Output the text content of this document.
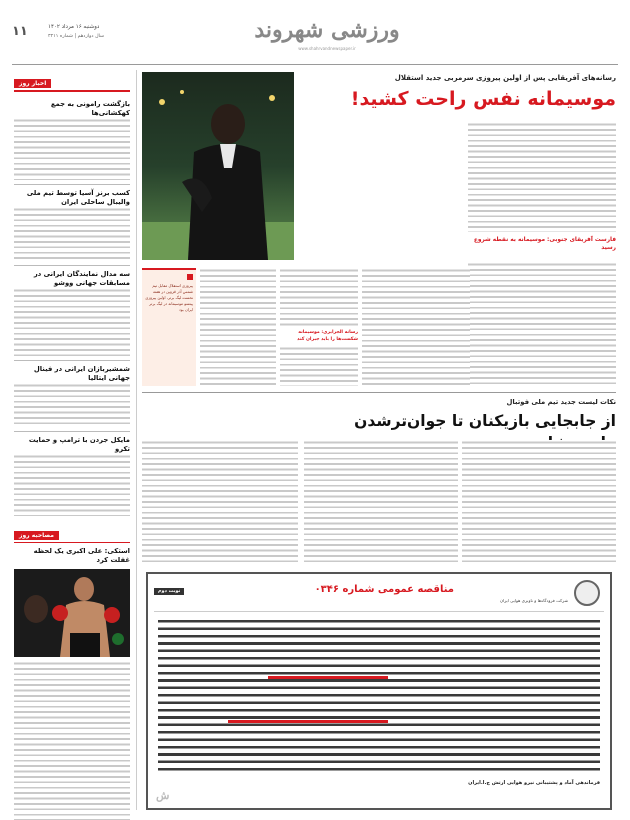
۱۱	دوشنبه ۱۶ مرداد ۱۴۰۲
سال دوازدهم | شماره ۳۲۱۱	ورزشی شهروند
www.shahrvandnewspaper.ir
اخبار روز
بازگشت رامونی به جمع کهکشانی‌ها
کسب برنز آسیا توسط تیم ملی والیبال ساحلی ایران
سه مدال نمایندگان ایرانی در مسابقات جهانی ووشو
شمشیربازان ایرانی در فینال جهانی ایتالیا
مایکل جردن با ترامپ و حمایت تکرو
مصاحبه روز
استکی: علی اکبری یک لحظه غفلت کرد
رسانه‌های آفریقایی پس از اولین پیروزی سرمربی جدید استقلال
موسیمانه نفس راحت کشید!
پیروزی استقلال مقابل تیم شمس آذر قزوین در هفته نخست لیگ برتر، اولین پیروزی پیتسو موسیمانه در لیگ برتر ایران بود
فارست آفریقای جنوبی: موسیمانه به نقطه شروع رسید
رسانه الجزایری: موسیمانه شکست‌ها را باید جبران کند
نکات لیست جدید تیم ملی فوتبال
از جابجایی بازیکنان تا جوان‌ترشدن
شرکت فرودگاه‌ها و ناوبری هوایی ایران
مناقصه عمومی شماره ۰۳۴۶
نوبت دوم
فرماندهی آماد و پشتیبانی نیرو هوایی ارتش ج.ا.ایران
ش
